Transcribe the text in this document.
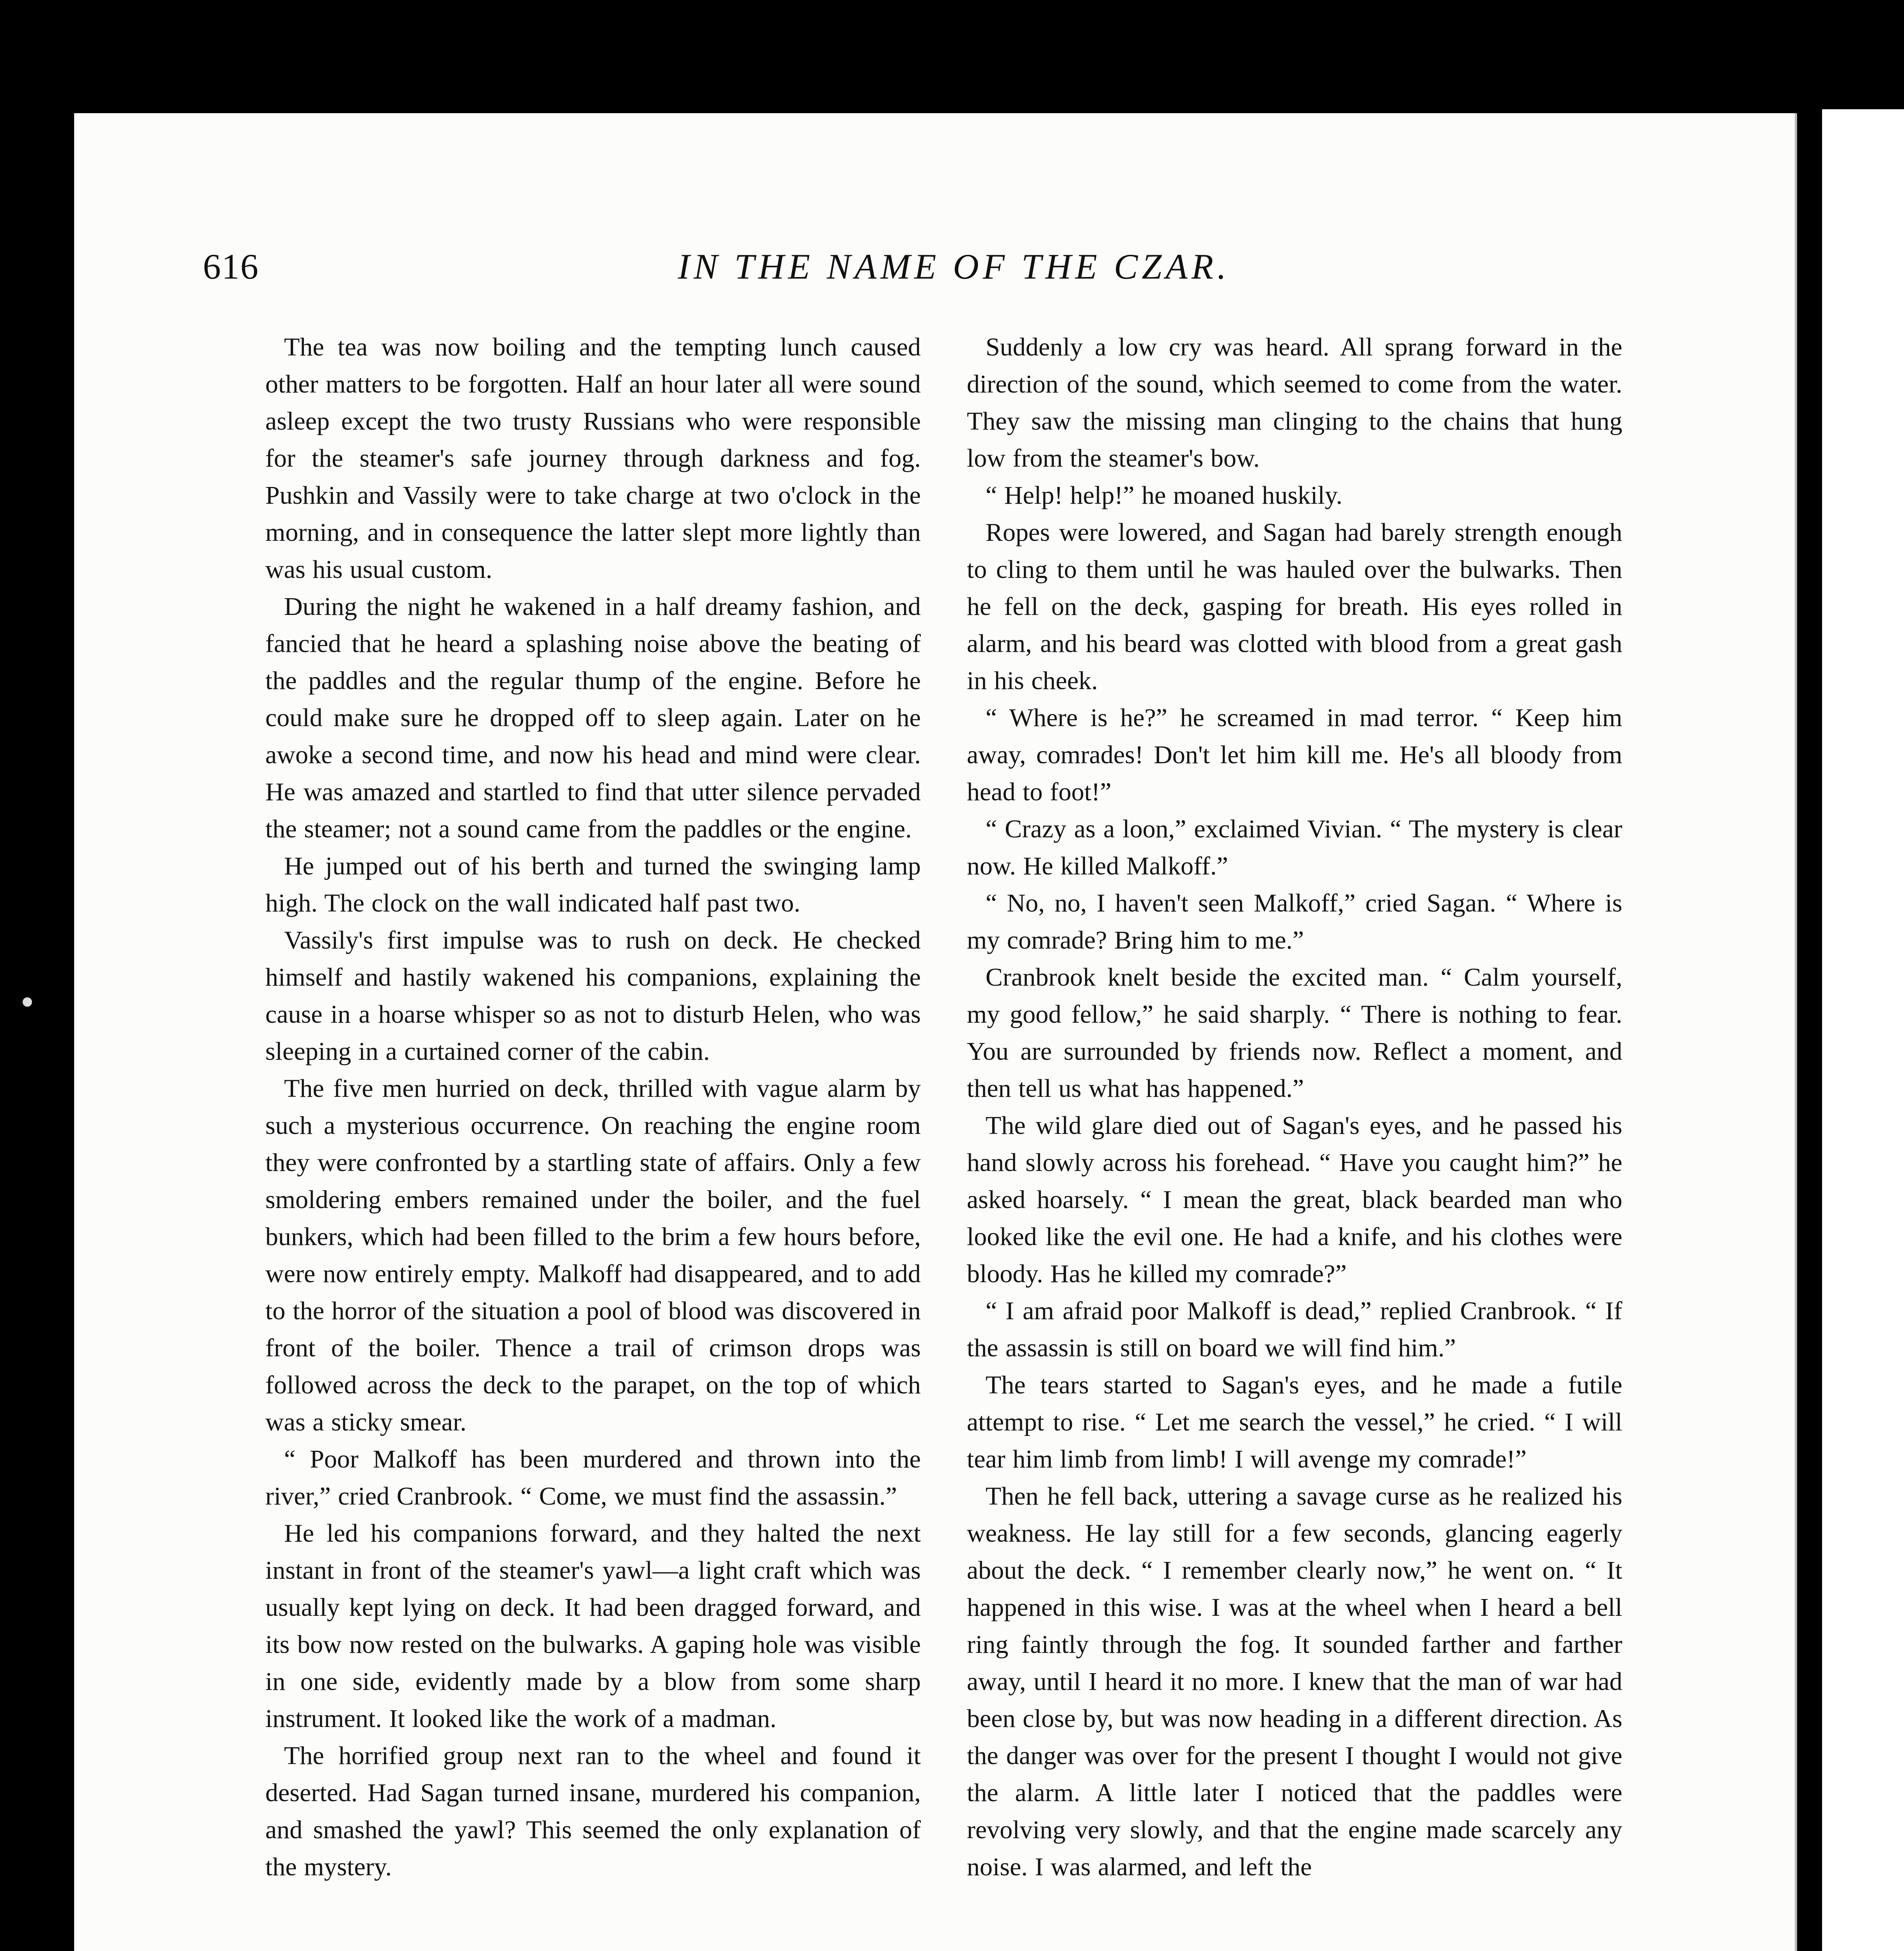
616	IN THE NAME OF THE CZAR.

The tea was now boiling and the tempting lunch caused other matters to be forgotten. Half an hour later all were sound asleep except the two trusty Russians who were responsible for the steamer's safe journey through darkness and fog. Pushkin and Vassily were to take charge at two o'clock in the morning, and in consequence the latter slept more lightly than was his usual custom.

During the night he wakened in a half dreamy fashion, and fancied that he heard a splashing noise above the beating of the paddles and the regular thump of the engine. Before he could make sure he dropped off to sleep again. Later on he awoke a second time, and now his head and mind were clear. He was amazed and startled to find that utter silence pervaded the steamer; not a sound came from the paddles or the engine.

He jumped out of his berth and turned the swinging lamp high. The clock on the wall indicated half past two.

Vassily's first impulse was to rush on deck. He checked himself and hastily wakened his companions, explaining the cause in a hoarse whisper so as not to disturb Helen, who was sleeping in a curtained corner of the cabin.

The five men hurried on deck, thrilled with vague alarm by such a mysterious occurrence. On reaching the engine room they were confronted by a startling state of affairs. Only a few smoldering embers remained under the boiler, and the fuel bunkers, which had been filled to the brim a few hours before, were now entirely empty. Malkoff had disappeared, and to add to the horror of the situation a pool of blood was discovered in front of the boiler. Thence a trail of crimson drops was followed across the deck to the parapet, on the top of which was a sticky smear.

“ Poor Malkoff has been murdered and thrown into the river,” cried Cranbrook. “ Come, we must find the assassin.”

He led his companions forward, and they halted the next instant in front of the steamer's yawl—a light craft which was usually kept lying on deck. It had been dragged forward, and its bow now rested on the bulwarks. A gaping hole was visible in one side, evidently made by a blow from some sharp instrument. It looked like the work of a madman.

The horrified group next ran to the wheel and found it deserted. Had Sagan turned insane, murdered his companion, and smashed the yawl? This seemed the only explanation of the mystery.

Suddenly a low cry was heard. All sprang forward in the direction of the sound, which seemed to come from the water. They saw the missing man clinging to the chains that hung low from the steamer's bow.

“ Help! help!” he moaned huskily.

Ropes were lowered, and Sagan had barely strength enough to cling to them until he was hauled over the bulwarks. Then he fell on the deck, gasping for breath. His eyes rolled in alarm, and his beard was clotted with blood from a great gash in his cheek.

“ Where is he?” he screamed in mad terror. “ Keep him away, comrades! Don't let him kill me. He's all bloody from head to foot!”

“ Crazy as a loon,” exclaimed Vivian. “ The mystery is clear now. He killed Malkoff.”

“ No, no, I haven't seen Malkoff,” cried Sagan. “ Where is my comrade? Bring him to me.”

Cranbrook knelt beside the excited man. “ Calm yourself, my good fellow,” he said sharply. “ There is nothing to fear. You are surrounded by friends now. Reflect a moment, and then tell us what has happened.”

The wild glare died out of Sagan's eyes, and he passed his hand slowly across his forehead. “ Have you caught him?” he asked hoarsely. “ I mean the great, black bearded man who looked like the evil one. He had a knife, and his clothes were bloody. Has he killed my comrade?”

“ I am afraid poor Malkoff is dead,” replied Cranbrook. “ If the assassin is still on board we will find him.”

The tears started to Sagan's eyes, and he made a futile attempt to rise. “ Let me search the vessel,” he cried. “ I will tear him limb from limb! I will avenge my comrade!”

Then he fell back, uttering a savage curse as he realized his weakness. He lay still for a few seconds, glancing eagerly about the deck. “ I remember clearly now,” he went on. “ It happened in this wise. I was at the wheel when I heard a bell ring faintly through the fog. It sounded farther and farther away, until I heard it no more. I knew that the man of war had been close by, but was now heading in a different direction. As the danger was over for the present I thought I would not give the alarm. A little later I noticed that the paddles were revolving very slowly, and that the engine made scarcely any noise. I was alarmed, and left the
